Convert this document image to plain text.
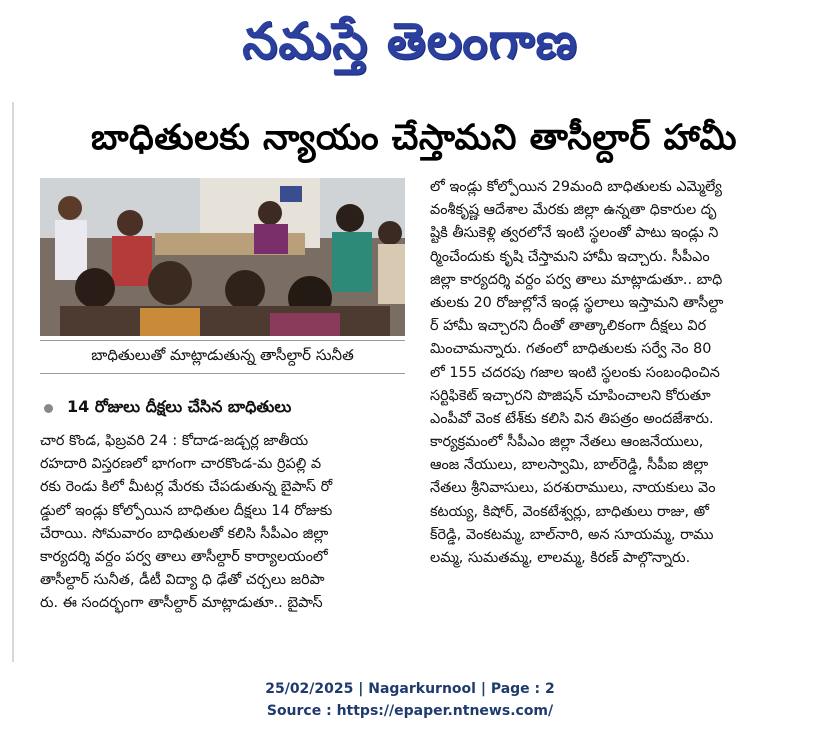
నమస్తే తెలంగాణ
బాధితులకు న్యాయం చేస్తామని తాసీల్దార్ హామీ
బాధితులుతో మాట్లాడుతున్న తాసీల్దార్ సునీత
14 రోజులు దీక్షలు చేసిన బాధితులు
చార కొండ, ఫిబ్రవరి 24 : కోదాడ-జడ్చర్ల జాతీయ
రహదారి విస్తరణలో భాగంగా చారకొండ-మ ర్రిపల్లి వ
రకు రెండు కిలో మీటర్ల మేరకు చేపడుతున్న బైపాస్ రో
డ్డులో ఇండ్లు కోల్పోయిన బాధితుల దీక్షలు 14 రోజుకు
చేరాయి. సోమవారం బాధితులతో కలిసి సీపీఎం జిల్లా
కార్యదర్శి వర్దం పర్వ తాలు తాసీల్దార్ కార్యాలయంలో
తాసీల్దార్ సునీత, డీటీ విద్యా ధి ఢేతో చర్చలు జరిపా
రు. ఈ సందర్భంగా తాసీల్దార్ మాట్లాడుతూ.. బైపాస్
లో ఇండ్లు కోల్పోయిన 29మంది బాధితులకు ఎమ్మెల్యే
వంశీకృష్ణ ఆదేశాల మేరకు జిల్లా ఉన్నతా ధికారుల దృ
ష్టికి తీసుకెళ్లి త్వరలోనే ఇంటి స్థలంతో పాటు ఇండ్లు ని
ర్మించేందుకు కృషి చేస్తామని హామీ ఇచ్చారు. సీపీఎం
జిల్లా కార్యదర్శి వర్దం పర్వ తాలు మాట్లాడుతూ.. బాధి
తులకు 20 రోజుల్లోనే ఇండ్ల స్థలాలు ఇస్తామని తాసీల్దా
ర్ హామీ ఇచ్చారని దీంతో తాత్కాలికంగా దీక్షలు విర
మించామన్నారు. గతంలో బాధితులకు సర్వే నెం 80
లో 155 చదరపు గజాల ఇంటి స్థలంకు సంబంధించిన
సర్టిఫికెట్ ఇచ్చారని పొజిషన్ చూపించాలని కోరుతూ
ఎంపీవో వెంక టేశ్‌కు కలిసి విన తిపత్రం అందజేశారు.
కార్యక్రమంలో సీపీఎం జిల్లా నేతలు ఆంజనేయులు,
ఆంజ నేయులు, బాలస్వామి, బాల్‌రెడ్డి, సీపీఐ జిల్లా
నేతలు శ్రీనివాసులు, పరశురాములు, నాయకులు వెం
కటయ్య, కిషోర్, వెంకటేశ్వర్లు, బాధితులు రాజు, అో
క్‌రెడ్డి, వెంకటమ్మ, బాల్‌నారి, అన సూయమ్మ, రాము
లమ్మ, సుమతమ్మ, లాలమ్మ, కిరణ్ పాల్గొన్నారు.
25/02/2025 | Nagarkurnool | Page : 2
Source : https://epaper.ntnews.com/
